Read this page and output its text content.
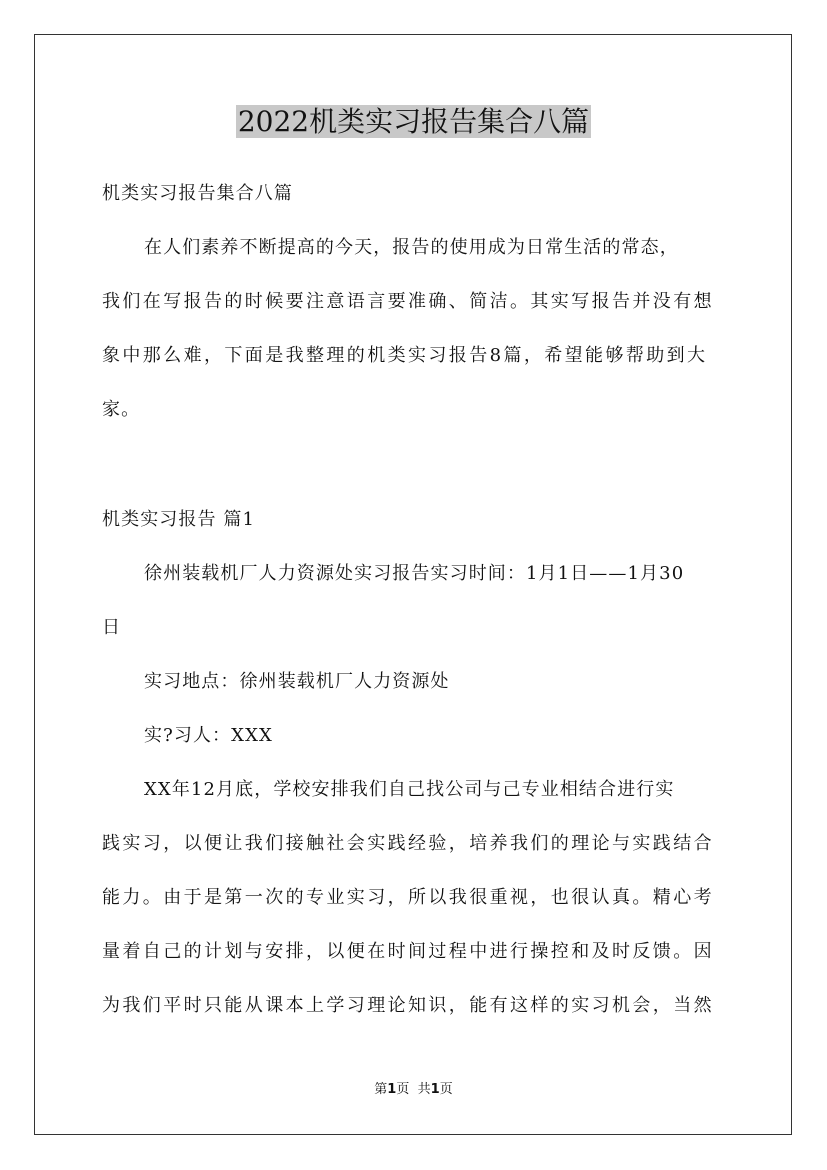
2022机类实习报告集合八篇

机类实习报告集合八篇

在人们素养不断提高的今天，报告的使用成为日常生活的常态，

我们在写报告的时候要注意语言要准确、简洁。其实写报告并没有想

象中那么难，下面是我整理的机类实习报告8篇，希望能够帮助到大

家。

机类实习报告 篇1

徐州装载机厂人力资源处实习报告实习时间：1月1日——1月30

日

实习地点：徐州装载机厂人力资源处

实?习人：XXX

XX年12月底，学校安排我们自己找公司与己专业相结合进行实

践实习，以便让我们接触社会实践经验，培养我们的理论与实践结合

能力。由于是第一次的专业实习，所以我很重视，也很认真。精心考

量着自己的计划与安排，以便在时间过程中进行操控和及时反馈。因

为我们平时只能从课本上学习理论知识，能有这样的实习机会，当然

第1页 共1页
